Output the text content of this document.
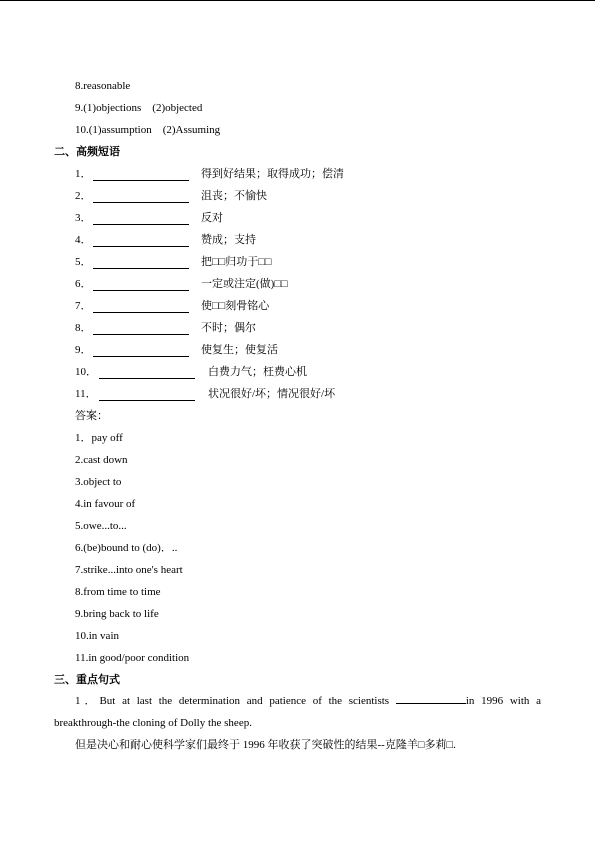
8.reasonable
9.(1)objections    (2)objected
10.(1)assumption    (2)Assuming
二、高频短语
1．	得到好结果；取得成功；偿清
2．	沮丧；不愉快
3．	反对
4．	赞成；支持
5．	把□□归功于□□
6．	一定或注定(做)□□
7．	使□□刻骨铭心
8．	不时；偶尔
9．	使复生；使复活
10．	白费力气；枉费心机
11．	状况很好/坏；情况很好/坏
答案：
1．pay off
2.cast down
3.object to
4.in favour of
5.owe...to...
6.(be)bound to (do)．..
7.strike...into one's heart
8.from time to time
9.bring back to life
10.in vain
11.in good/poor condition
三、重点句式
1．But at last the determination and patience of the scientists	in 1996 with a breakthrough-the cloning of Dolly the sheep.
但是决心和耐心使科学家们最终于 1996 年收获了突破性的结果--克隆羊□多莉□.
